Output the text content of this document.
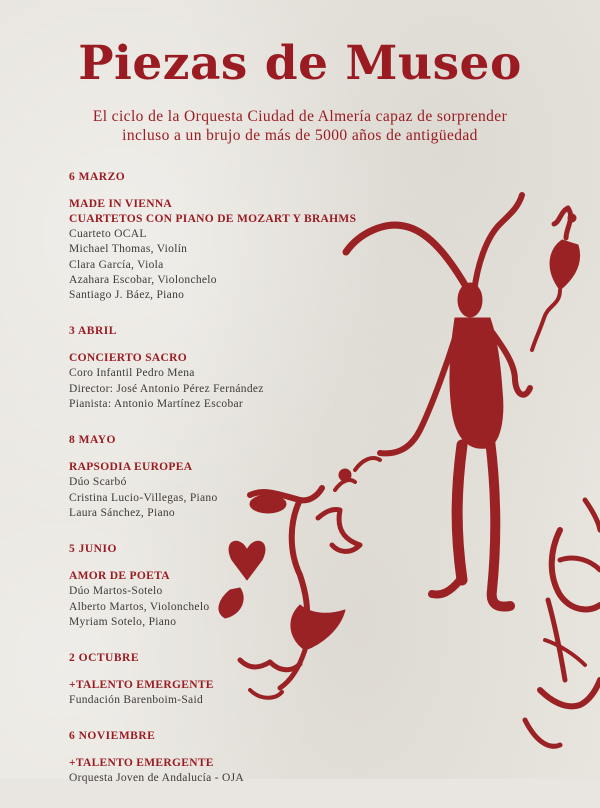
Piezas de Museo
El ciclo de la Orquesta Ciudad de Almería capaz de sorprender
incluso a un brujo de más de 5000 años de antigüedad
6 MARZO
MADE IN VIENNA
CUARTETOS CON PIANO DE MOZART Y BRAHMS
Cuarteto OCAL
Michael Thomas, Violín
Clara García, Viola
Azahara Escobar, Violonchelo
Santiago J. Báez, Piano
3 ABRIL
CONCIERTO SACRO
Coro Infantil Pedro Mena
Director: José Antonio Pérez Fernández
Pianista: Antonio Martínez Escobar
8 MAYO
RAPSODIA EUROPEA
Dúo Scarbó
Cristina Lucio-Villegas, Piano
Laura Sánchez, Piano
5 JUNIO
AMOR DE POETA
Dúo Martos-Sotelo
Alberto Martos, Violonchelo
Myriam Sotelo, Piano
2 OCTUBRE
+TALENTO EMERGENTE
Fundación Barenboim-Said
6 NOVIEMBRE
+TALENTO EMERGENTE
Orquesta Joven de Andalucía - OJA
